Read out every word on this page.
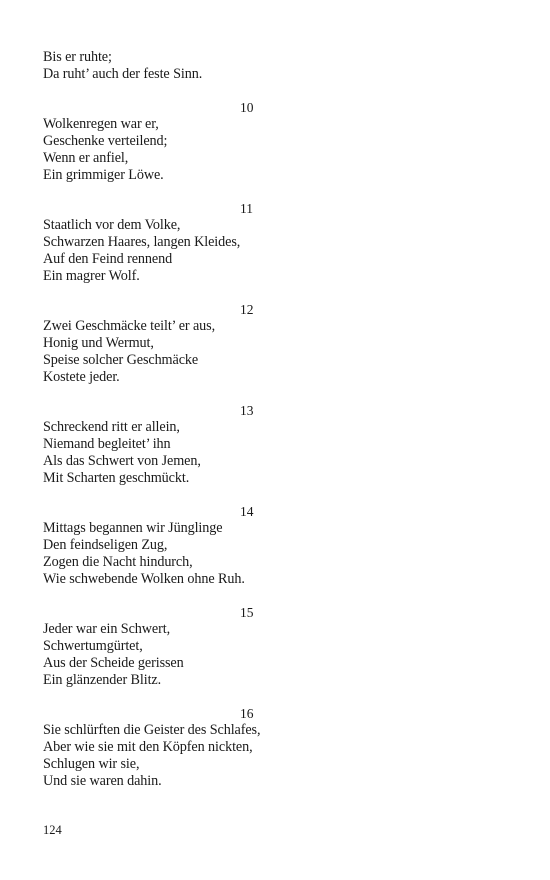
Bis er ruhte;
Da ruht’ auch der feste Sinn.
10
Wolkenregen war er,
Geschenke verteilend;
Wenn er anfiel,
Ein grimmiger Löwe.
11
Staatlich vor dem Volke,
Schwarzen Haares, langen Kleides,
Auf den Feind rennend
Ein magrer Wolf.
12
Zwei Geschmäcke teilt’ er aus,
Honig und Wermut,
Speise solcher Geschmäcke
Kostete jeder.
13
Schreckend ritt er allein,
Niemand begleitet’ ihn
Als das Schwert von Jemen,
Mit Scharten geschmückt.
14
Mittags begannen wir Jünglinge
Den feindseligen Zug,
Zogen die Nacht hindurch,
Wie schwebende Wolken ohne Ruh.
15
Jeder war ein Schwert,
Schwertumgürtet,
Aus der Scheide gerissen
Ein glänzender Blitz.
16
Sie schlürften die Geister des Schlafes,
Aber wie sie mit den Köpfen nickten,
Schlugen wir sie,
Und sie waren dahin.
124
